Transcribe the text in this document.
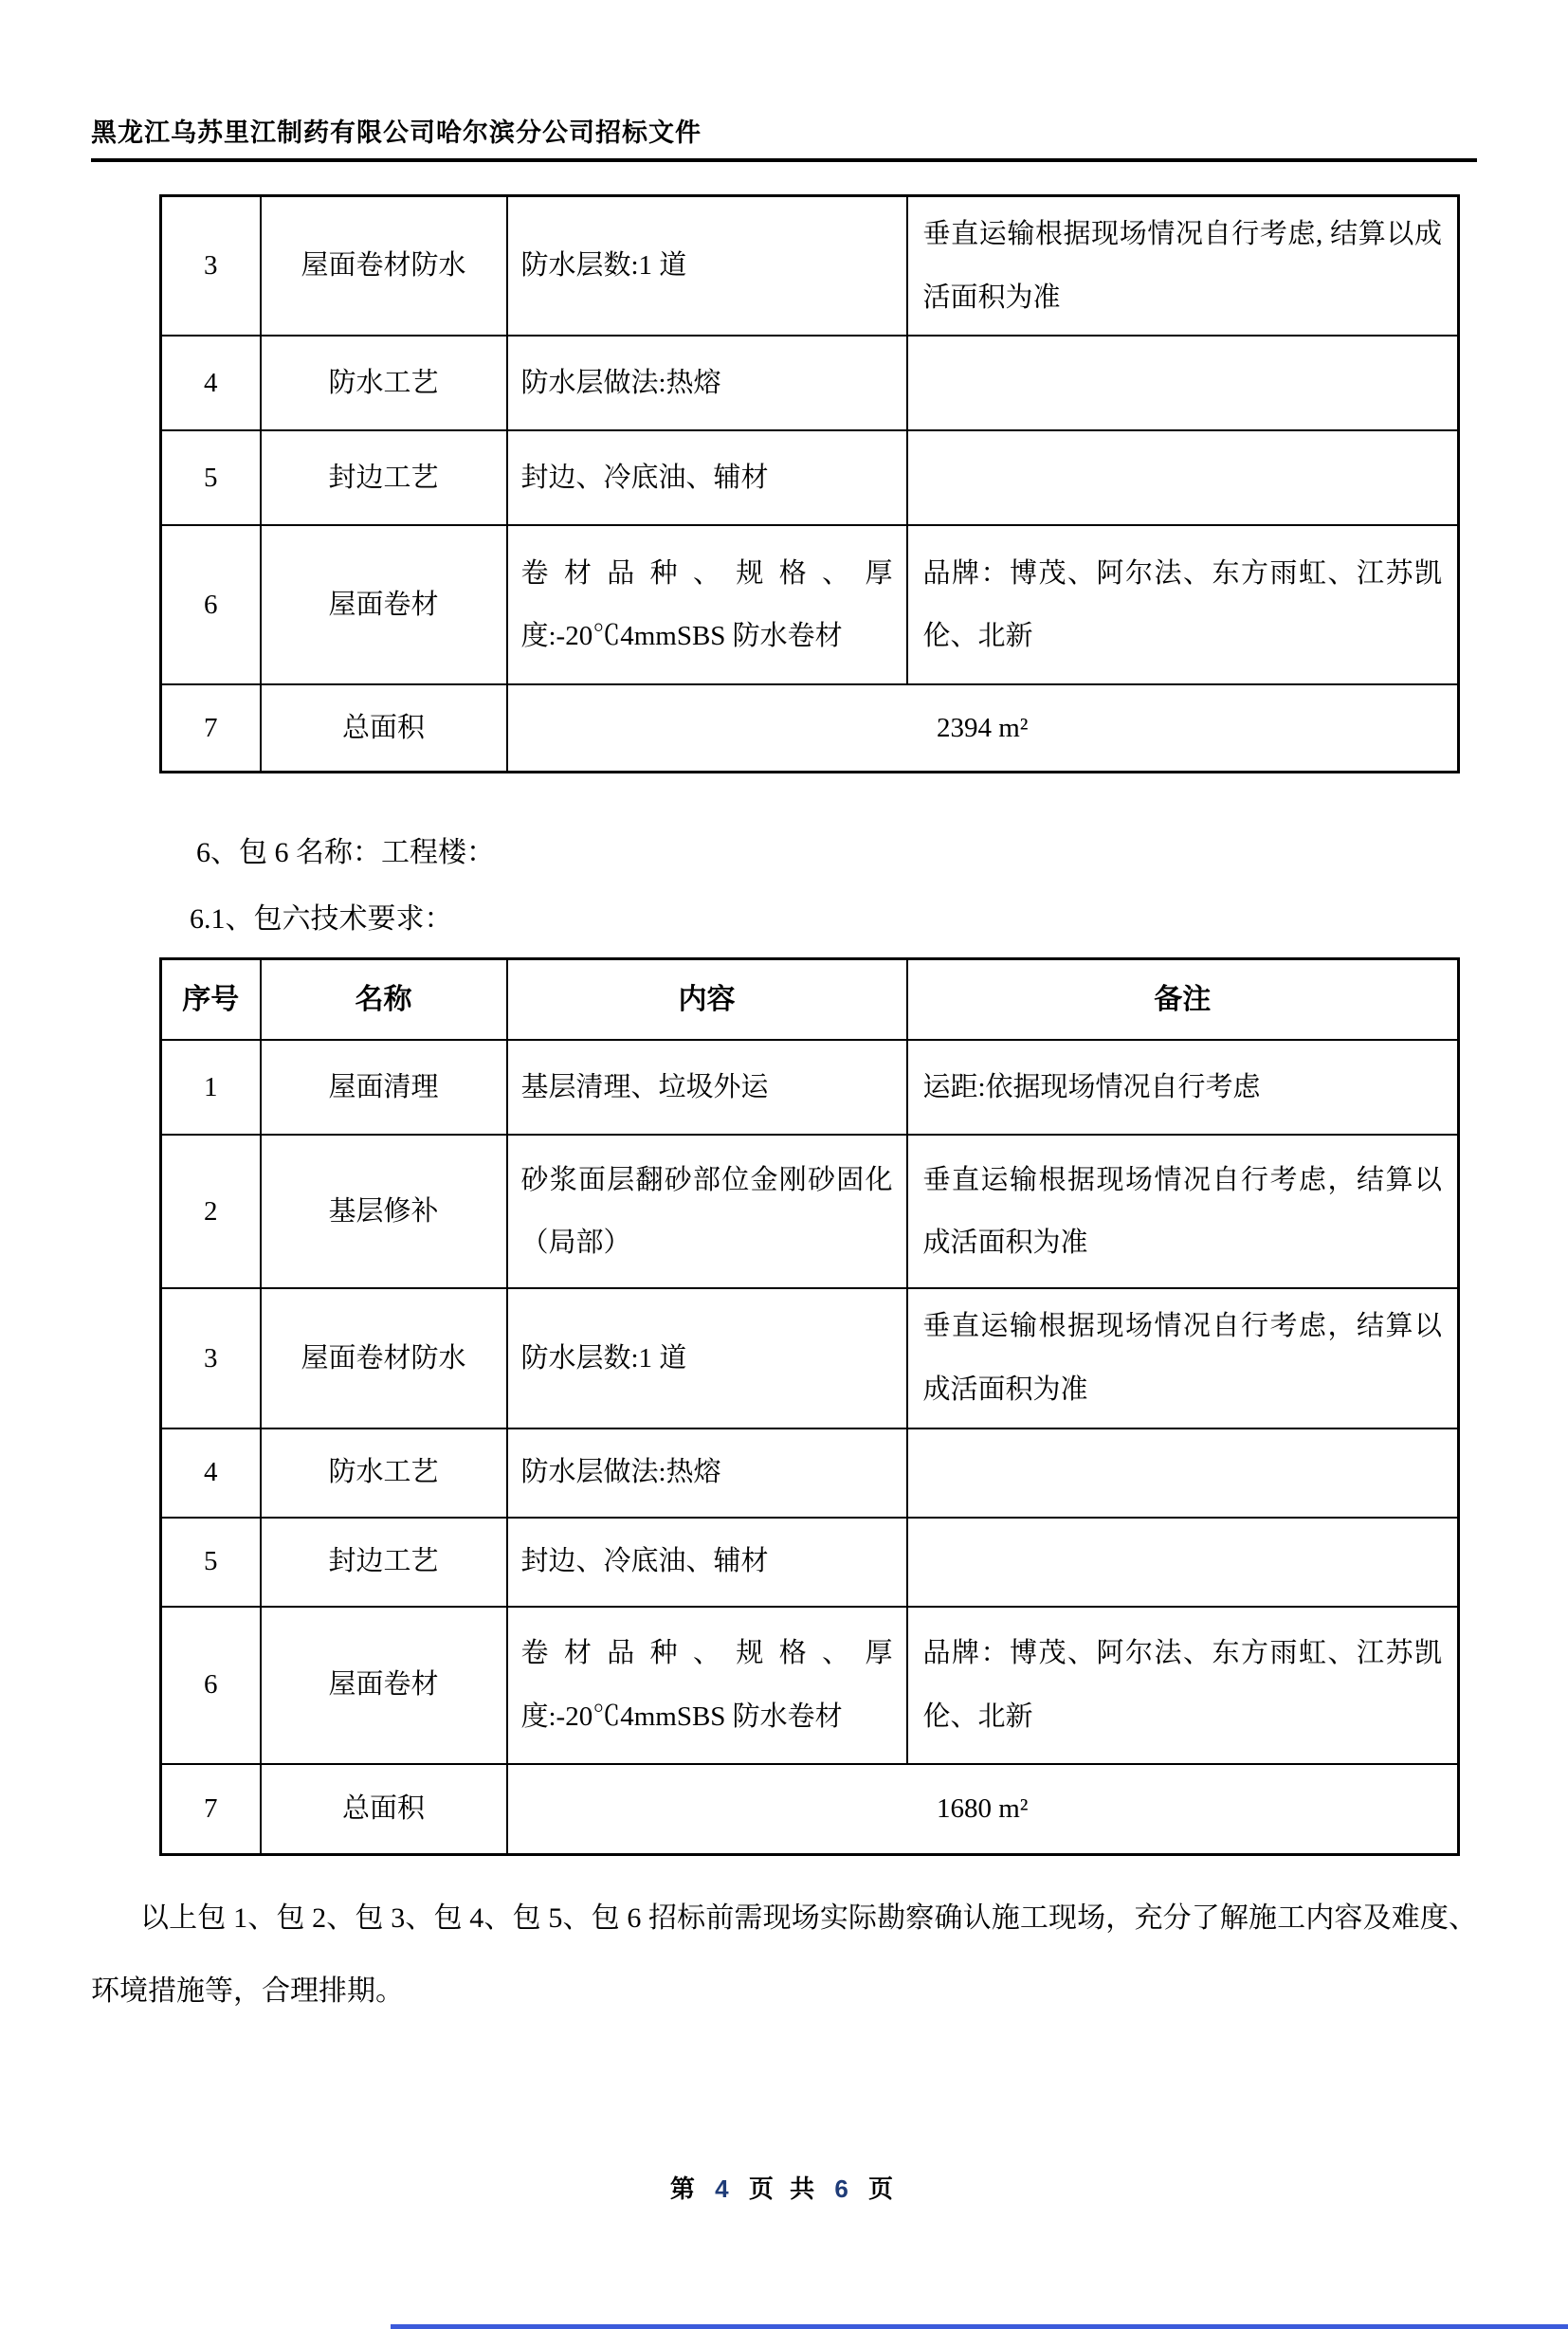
黑龙江乌苏里江制药有限公司哈尔滨分公司招标文件
3	屋面卷材防水	防水层数:1 道	垂直运输根据现场情况自行考虑, 结算以成活面积为准
4	防水工艺	防水层做法:热熔	
5	封边工艺	封边、冷底油、辅材	
6	屋面卷材	卷材品种、规格、厚度:-20℃4mmSBS 防水卷材	品牌：博茂、阿尔法、东方雨虹、江苏凯伦、北新
7	总面积	2394 m²	
6、包 6 名称：工程楼：
6.1、包六技术要求：
序号	名称	内容	备注
1	屋面清理	基层清理、垃圾外运	运距:依据现场情况自行考虑
2	基层修补	砂浆面层翻砂部位金刚砂固化（局部）	垂直运输根据现场情况自行考虑，结算以成活面积为准
3	屋面卷材防水	防水层数:1 道	垂直运输根据现场情况自行考虑，结算以成活面积为准
4	防水工艺	防水层做法:热熔	
5	封边工艺	封边、冷底油、辅材	
6	屋面卷材	卷材品种、规格、厚度:-20℃4mmSBS 防水卷材	品牌：博茂、阿尔法、东方雨虹、江苏凯伦、北新
7	总面积	1680 m²	
以上包 1、包 2、包 3、包 4、包 5、包 6 招标前需现场实际勘察确认施工现场，充分了解施工内容及难度、环境措施等，合理排期。
第 4 页 共 6 页
